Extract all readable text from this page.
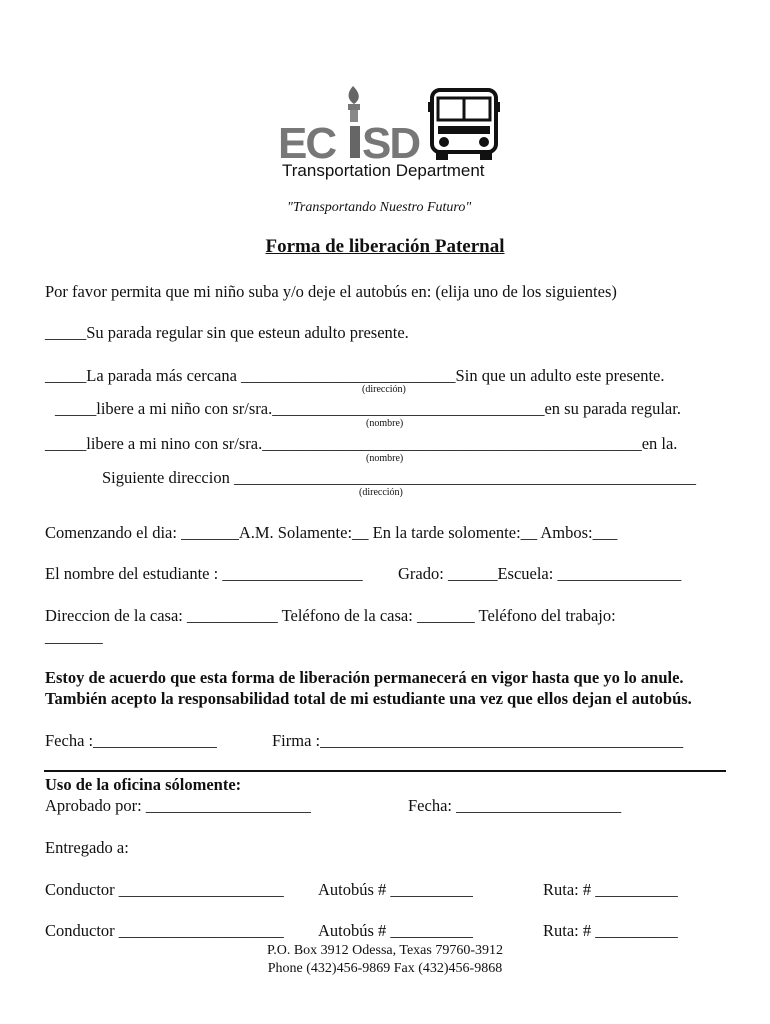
EC SD
Transportation Department
"Transportando Nuestro Futuro"
Forma de liberación Paternal
Por favor permita que mi niño suba y/o deje el autobús en: (elija uno de los siguientes)
_____Su parada regular sin que esteun adulto presente.
_____La parada más cercana __________________________Sin que un adulto este presente.
(dirección)
_____libere a mi niño con sr/sra._________________________________en su parada regular.
(nombre)
_____libere a mi nino con sr/sra.______________________________________________en la.
(nombre)
Siguiente direccion ________________________________________________________
(dirección)
Comenzando el dia: _______A.M. Solamente:__ En la tarde solomente:__ Ambos:___
El nombre del estudiante : _________________ Grado: ______Escuela: _______________
Direccion de la casa: ___________ Teléfono de la casa: _______ Teléfono del trabajo:
_______
Estoy de acuerdo que esta forma de liberación permanecerá en vigor hasta que yo lo anule.
También acepto la responsabilidad total de mi estudiante una vez que ellos dejan el autobús.
Fecha :_______________	Firma :____________________________________________
Uso de la oficina sólomente:
Aprobado por: ____________________	Fecha: ____________________
Entregado a:
Conductor ____________________ Autobús # __________	Ruta: # __________
Conductor ____________________ Autobús # __________	Ruta: # __________
P.O. Box 3912 Odessa, Texas 79760-3912
Phone (432)456-9869 Fax (432)456-9868
